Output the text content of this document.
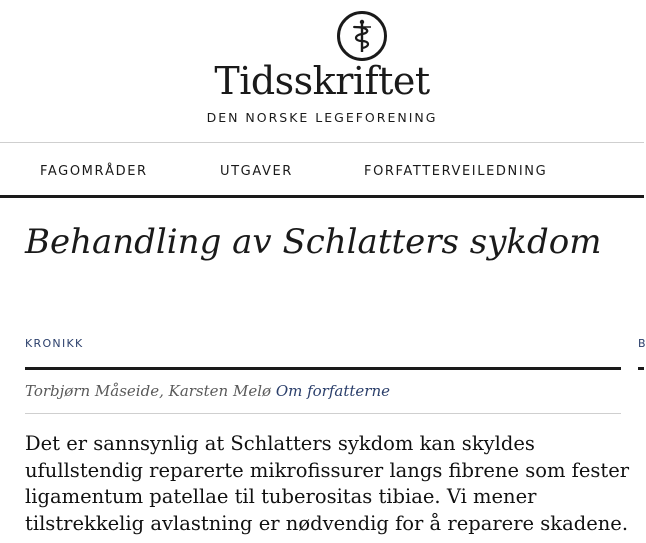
Tidsskriftet
DEN NORSKE LEGEFORENING
FAGOMRÅDER	UTGAVER	FORFATTERVEILEDNING
Behandling av Schlatters sykdom
KRONIKK	B
Torbjørn Måseide, Karsten Melø Om forfatterne

Det er sannsynlig at Schlatters sykdom kan skyldes ufullstendig reparerte mikrofissurer langs fibrene som fester ligamentum patellae til tuberositas tibiae. Vi mener tilstrekkelig avlastning er nødvendig for å reparere skadene.
